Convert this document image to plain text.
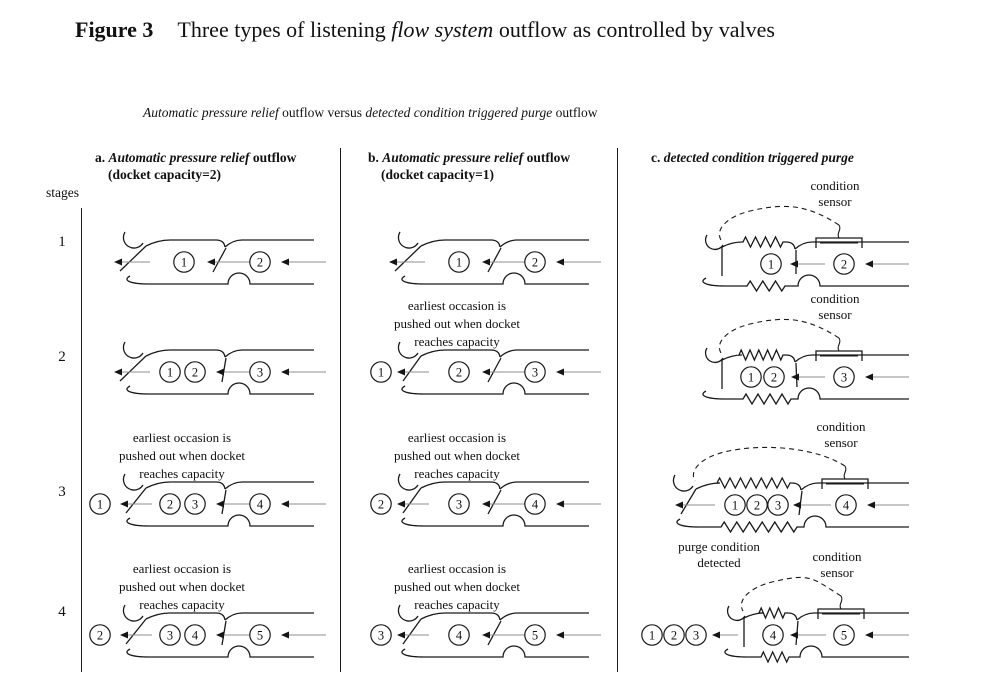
Figure 3 Three types of listening flow system outflow as controlled by valves
Automatic pressure relief outflow versus detected condition triggered purge outflow
a. Automatic pressure relief outflow
(docket capacity=2)
b. Automatic pressure relief outflow
(docket capacity=1)
c. detected condition triggered purge
stages
1
2
3
4
1	2
1 2	3
1	2 3	4
earliest occasion is
pushed out when docket
reaches capacity
2	3 4	5
earliest occasion is
pushed out when docket
reaches capacity
1	2
1	2	3
earliest occasion is
pushed out when docket
reaches capacity
2	3	4
earliest occasion is
pushed out when docket
reaches capacity
3	4	5
earliest occasion is
pushed out when docket
reaches capacity
1	2
condition
sensor
1 2	3
condition
sensor
1 2 3	4
condition
sensor
1 2 3	4	5
condition
sensor
purge condition
detected
